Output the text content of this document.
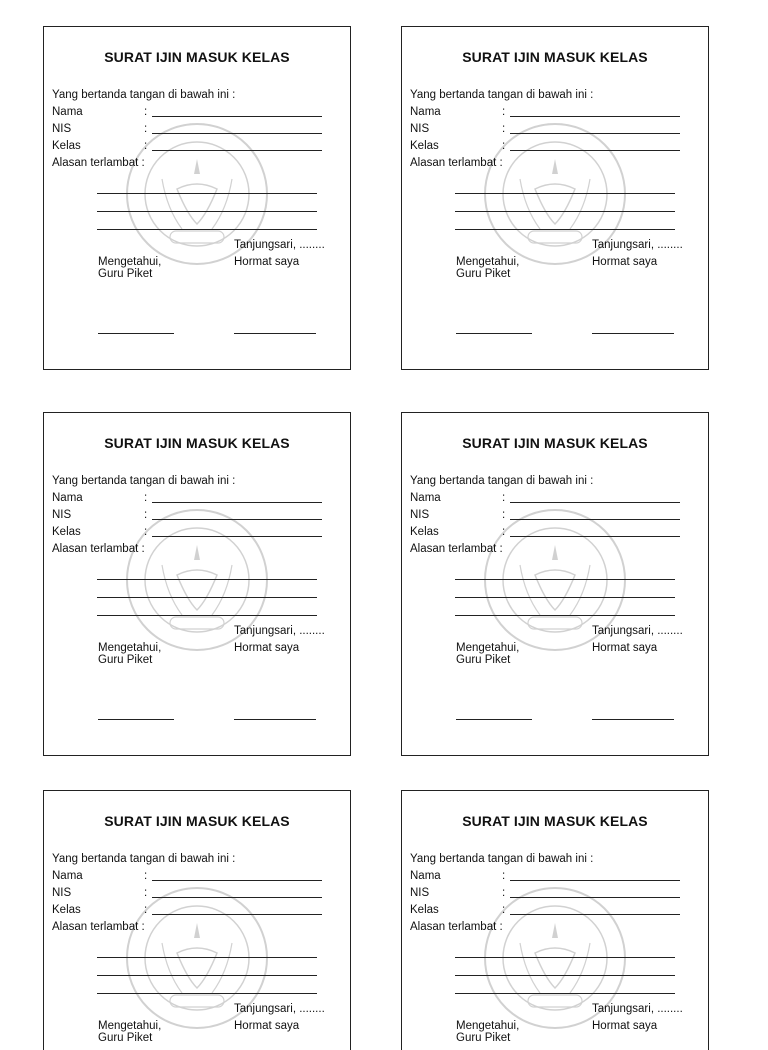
SURAT IJIN MASUK KELAS
Yang bertanda tangan di bawah ini :
Nama	:
NIS	:
Kelas	:
Alasan terlambat :
Tanjungsari, ........
Mengetahui,
Guru Piket
Hormat saya
SURAT IJIN MASUK KELAS
Yang bertanda tangan di bawah ini :
Nama	:
NIS	:
Kelas	:
Alasan terlambat :
Tanjungsari, ........
Mengetahui,
Guru Piket
Hormat saya
SURAT IJIN MASUK KELAS
Yang bertanda tangan di bawah ini :
Nama	:
NIS	:
Kelas	:
Alasan terlambat :
Tanjungsari, ........
Mengetahui,
Guru Piket
Hormat saya
SURAT IJIN MASUK KELAS
Yang bertanda tangan di bawah ini :
Nama	:
NIS	:
Kelas	:
Alasan terlambat :
Tanjungsari, ........
Mengetahui,
Guru Piket
Hormat saya
SURAT IJIN MASUK KELAS
Yang bertanda tangan di bawah ini :
Nama	:
NIS	:
Kelas	:
Alasan terlambat :
Tanjungsari, ........
Mengetahui,
Guru Piket
Hormat saya
SURAT IJIN MASUK KELAS
Yang bertanda tangan di bawah ini :
Nama	:
NIS	:
Kelas	:
Alasan terlambat :
Tanjungsari, ........
Mengetahui,
Guru Piket
Hormat saya
